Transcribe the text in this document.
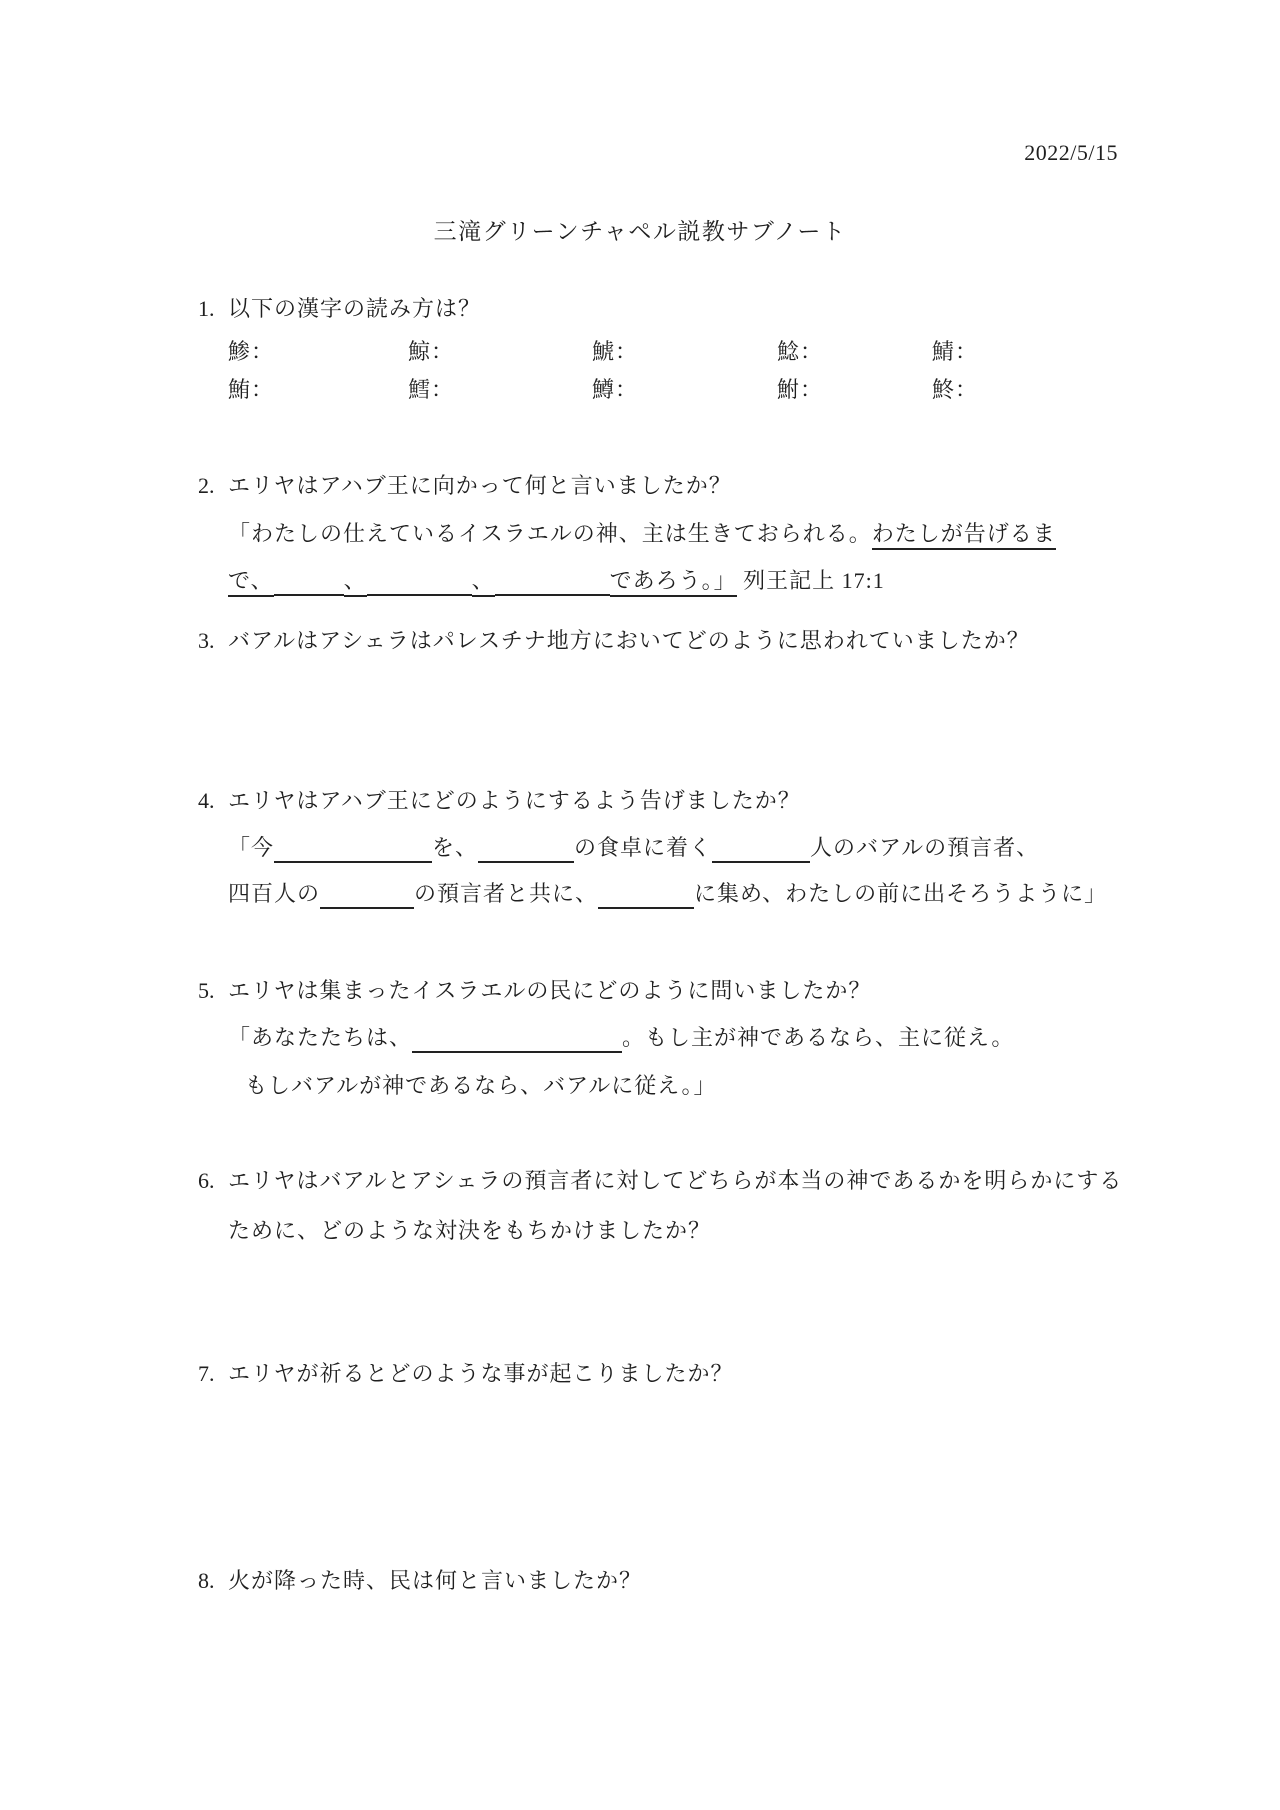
2022/5/15
三滝グリーンチャペル説教サブノート
1. 以下の漢字の読み方は？
鯵：	鯨：	鯱：	鯰：	鯖：
鮪：	鱈：	鱒：	鮒：	鮗：
2. エリヤはアハブ王に向かって何と言いましたか？
「わたしの仕えているイスラエルの神、主は生きておられる。わたしが告げるま
で、	、	、	であろう。」 列王記上 17:1
3. バアルはアシェラはパレスチナ地方においてどのように思われていましたか？
4. エリヤはアハブ王にどのようにするよう告げましたか？
「今	を、	の食卓に着く	人のバアルの預言者、
四百人の	の預言者と共に、	に集め、わたしの前に出そろうように」
5. エリヤは集まったイスラエルの民にどのように問いましたか？
「あなたたちは、	。もし主が神であるなら、主に従え。
もしバアルが神であるなら、バアルに従え。」
6. エリヤはバアルとアシェラの預言者に対してどちらが本当の神であるかを明らかにする
ために、どのような対決をもちかけましたか？
7. エリヤが祈るとどのような事が起こりましたか？
8. 火が降った時、民は何と言いましたか？
